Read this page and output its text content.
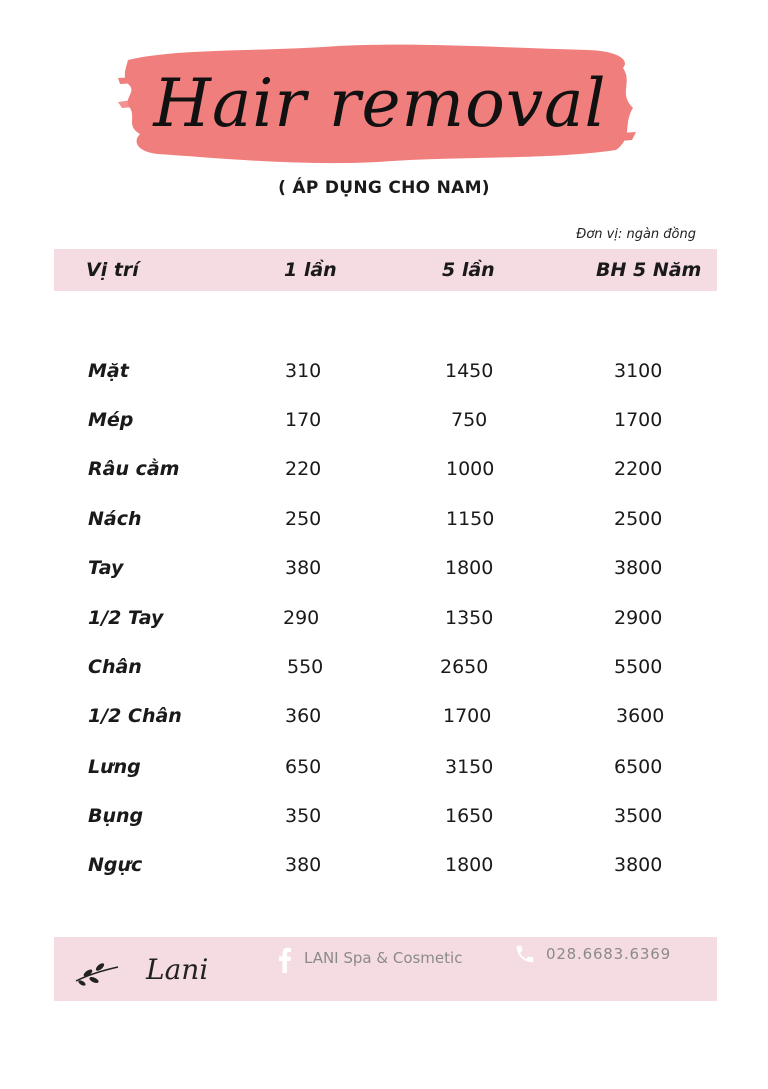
Hair removal
( ÁP DỤNG CHO NAM)
Đơn vị: ngàn đồng
Vị trí	1 lần	5 lần	BH 5 Năm
Mặt	310	1450	3100
Mép	170	750	1700
Râu cằm	220	1000	2200
Nách	250	1150	2500
Tay	380	1800	3800
1/2 Tay	290	1350	2900
Chân	550	2650	5500
1/2 Chân	360	1700	3600
Lưng	650	3150	6500
Bụng	350	1650	3500
Ngực	380	1800	3800
Lani	LANI Spa & Cosmetic	028.6683.6369
